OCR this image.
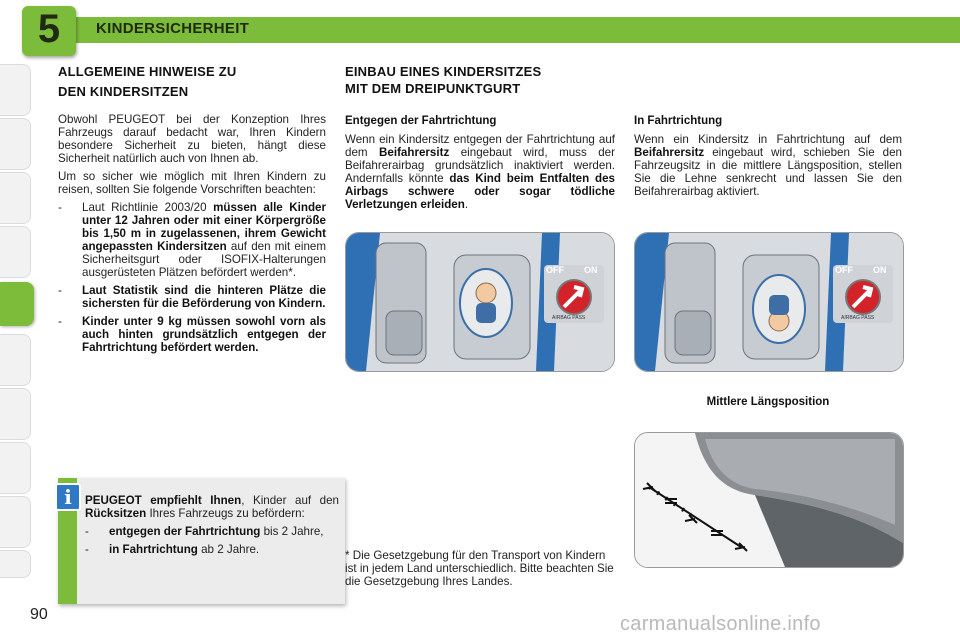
5	KINDERSICHERHEIT
ALLGEMEINE HINWEISE ZU
DEN KINDERSITZEN
Obwohl PEUGEOT bei der Konzeption Ihres Fahrzeugs darauf bedacht war, Ihren Kindern besondere Sicherheit zu bieten, hängt diese Sicherheit natürlich auch von Ihnen ab.
Um so sicher wie möglich mit Ihren Kindern zu reisen, sollten Sie folgende Vorschriften beachten:
- Laut Richtlinie 2003/20 müssen alle Kinder unter 12 Jahren oder mit einer Körpergröße bis 1,50 m in zugelassenen, ihrem Gewicht angepassten Kindersitzen auf den mit einem Sicherheitsgurt oder ISOFIX-Halterungen ausgerüsteten Plätzen befördert werden*.
- Laut Statistik sind die hinteren Plätze die sichersten für die Beförderung von Kindern.
- Kinder unter 9 kg müssen sowohl vorn als auch hinten grundsätzlich entgegen der Fahrtrichtung befördert werden.
PEUGEOT empfiehlt Ihnen, Kinder auf den Rücksitzen Ihres Fahrzeugs zu befördern:
- entgegen der Fahrtrichtung bis 2 Jahre,
- in Fahrtrichtung ab 2 Jahre.
i
EINBAU EINES KINDERSITZES
MIT DEM DREIPUNKTGURT
Entgegen der Fahrtrichtung
Wenn ein Kindersitz entgegen der Fahrtrichtung auf dem Beifahrersitz eingebaut wird, muss der Beifahrerairbag grundsätzlich inaktiviert werden. Andernfalls könnte das Kind beim Entfalten des Airbags schwere oder sogar tödliche Verletzungen erleiden.
OFF ON
AIRBAG PASS
* Die Gesetzgebung für den Transport von Kindern ist in jedem Land unterschiedlich. Bitte beachten Sie die Gesetzgebung Ihres Landes.
In Fahrtrichtung
Wenn ein Kindersitz in Fahrtrichtung auf dem Beifahrersitz eingebaut wird, schieben Sie den Fahrzeugsitz in die mittlere Längsposition, stellen Sie die Lehne senkrecht und lassen Sie den Beifahrerairbag aktiviert.
OFF ON
AIRBAG PASS
Mittlere Längsposition
90	carmanualsonline.info
